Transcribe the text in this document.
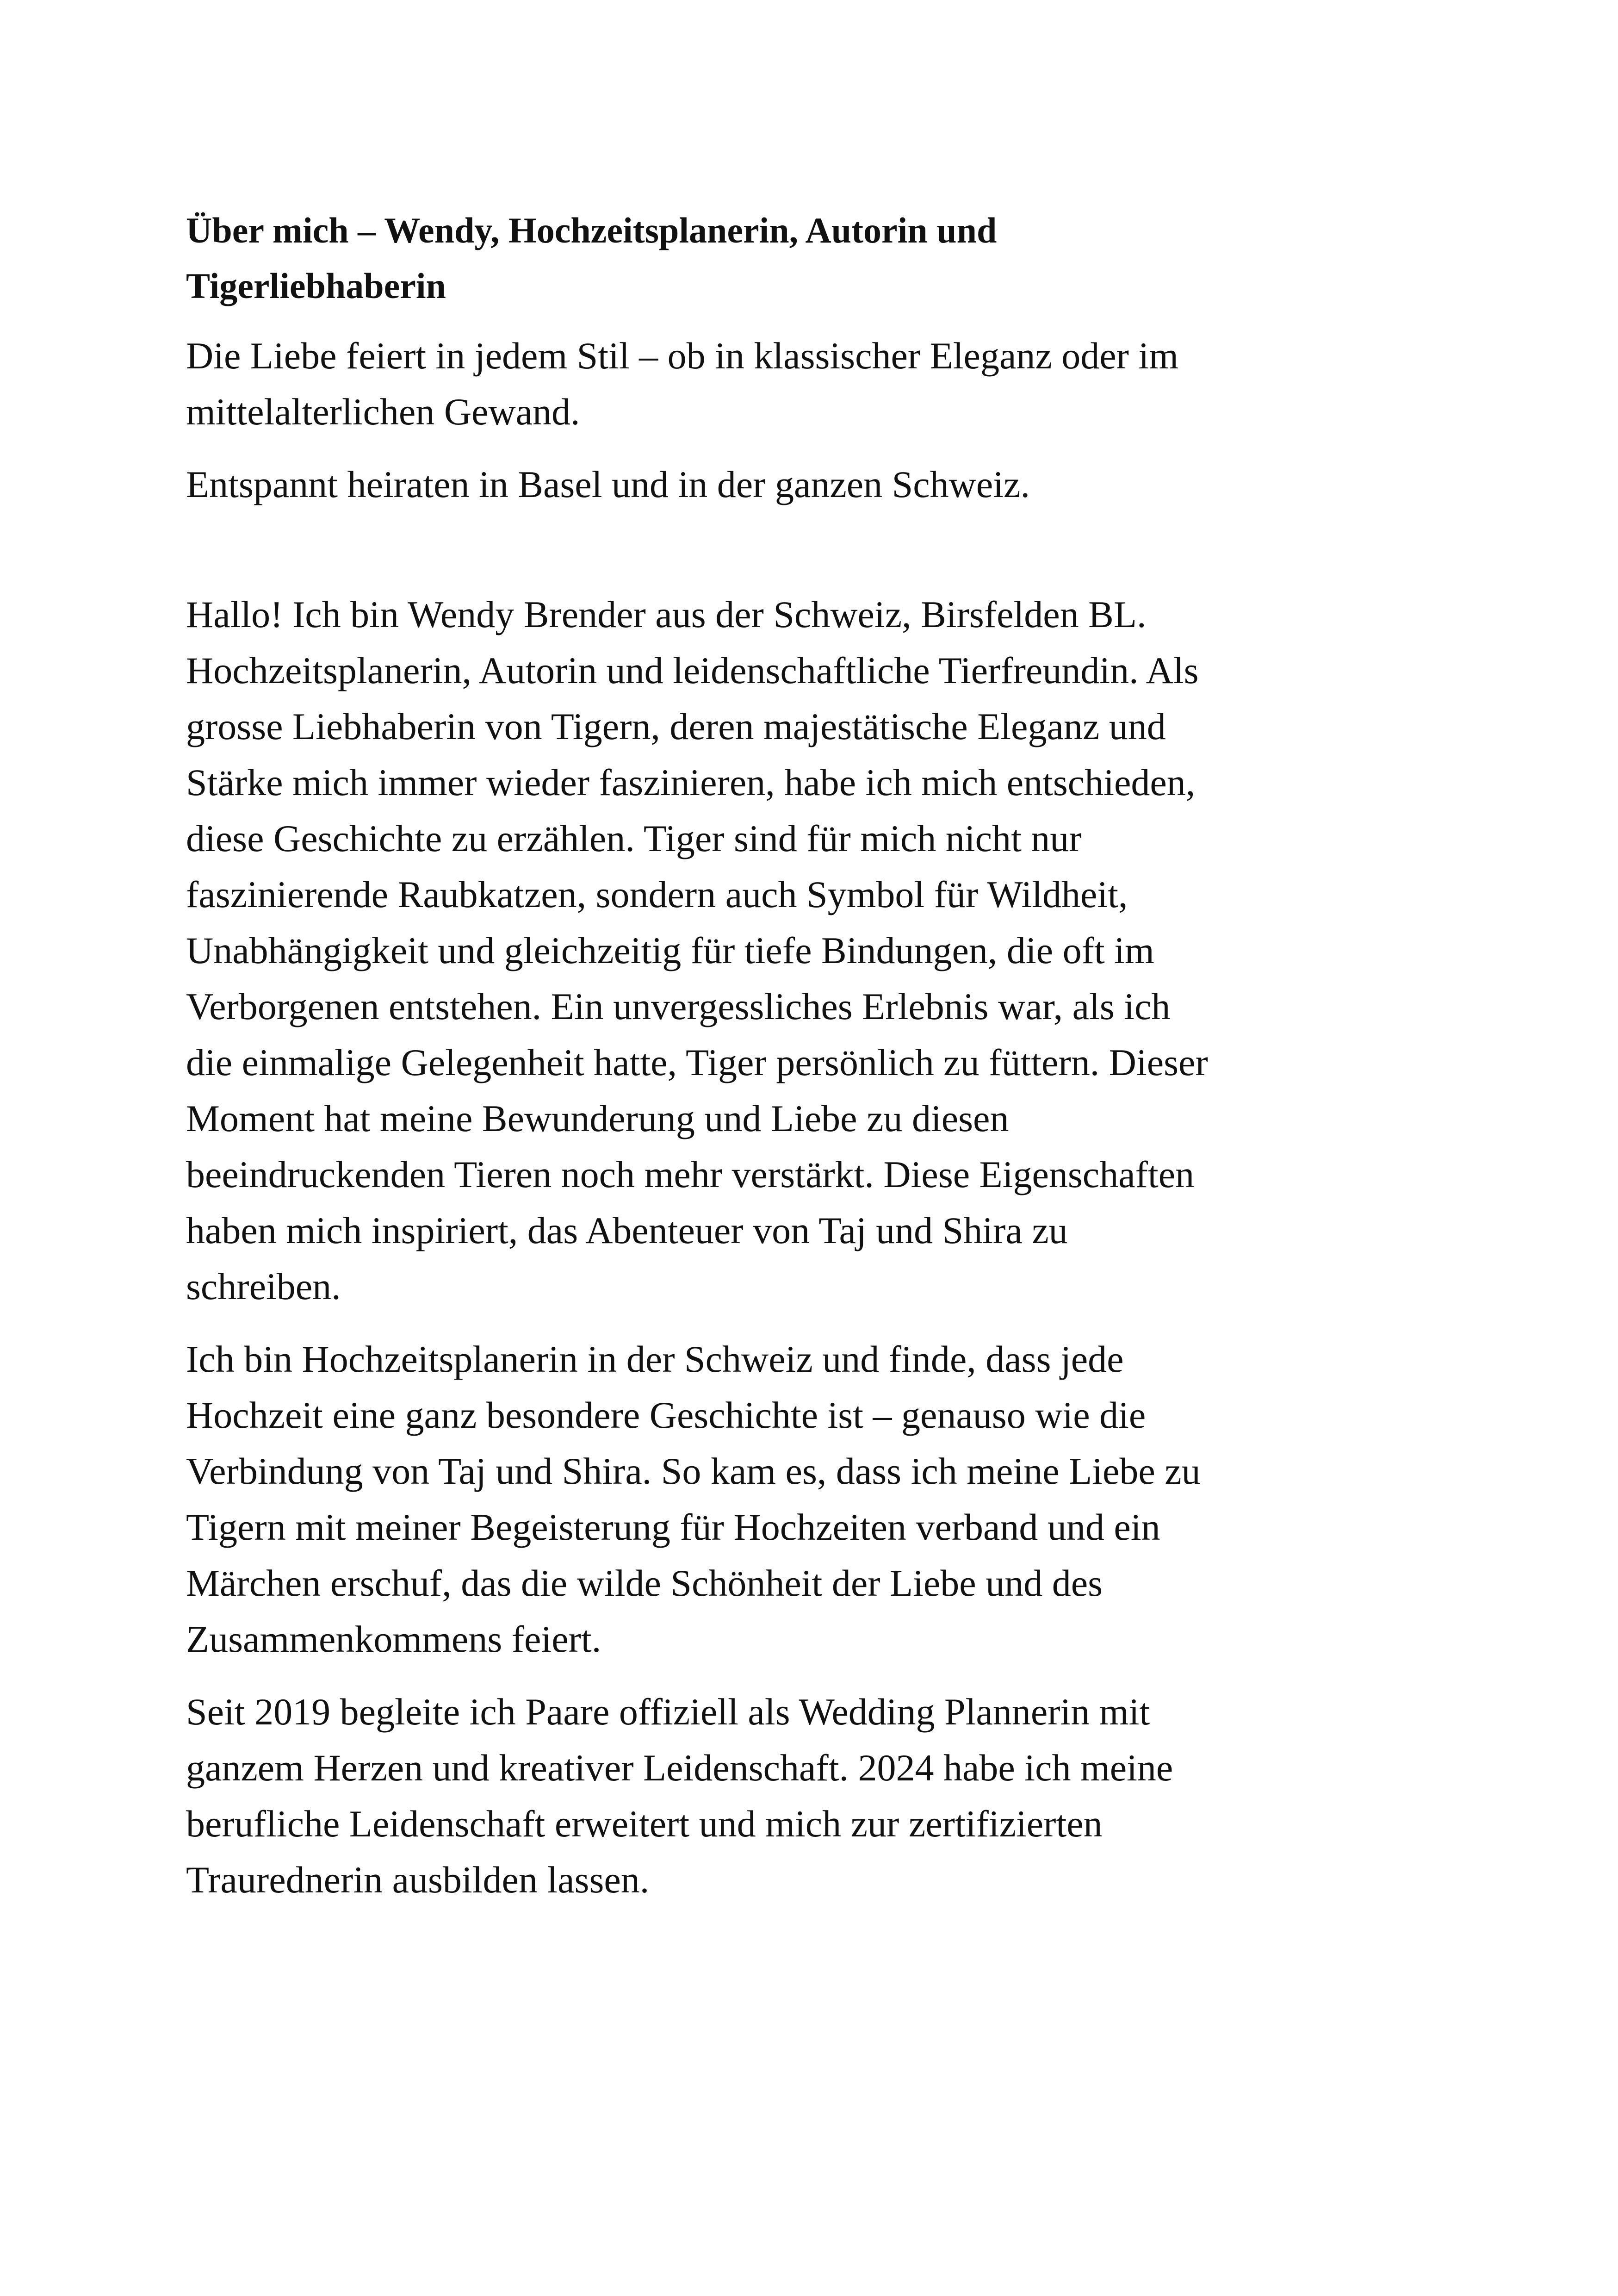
Über mich – Wendy, Hochzeitsplanerin, Autorin und
Tigerliebhaberin

Die Liebe feiert in jedem Stil – ob in klassischer Eleganz oder im
mittelalterlichen Gewand.

Entspannt heiraten in Basel und in der ganzen Schweiz.

Hallo! Ich bin Wendy Brender aus der Schweiz, Birsfelden BL.
Hochzeitsplanerin, Autorin und leidenschaftliche Tierfreundin. Als
grosse Liebhaberin von Tigern, deren majestätische Eleganz und
Stärke mich immer wieder faszinieren, habe ich mich entschieden,
diese Geschichte zu erzählen. Tiger sind für mich nicht nur
faszinierende Raubkatzen, sondern auch Symbol für Wildheit,
Unabhängigkeit und gleichzeitig für tiefe Bindungen, die oft im
Verborgenen entstehen. Ein unvergessliches Erlebnis war, als ich
die einmalige Gelegenheit hatte, Tiger persönlich zu füttern. Dieser
Moment hat meine Bewunderung und Liebe zu diesen
beeindruckenden Tieren noch mehr verstärkt. Diese Eigenschaften
haben mich inspiriert, das Abenteuer von Taj und Shira zu
schreiben.

Ich bin Hochzeitsplanerin in der Schweiz und finde, dass jede
Hochzeit eine ganz besondere Geschichte ist – genauso wie die
Verbindung von Taj und Shira. So kam es, dass ich meine Liebe zu
Tigern mit meiner Begeisterung für Hochzeiten verband und ein
Märchen erschuf, das die wilde Schönheit der Liebe und des
Zusammenkommens feiert.

Seit 2019 begleite ich Paare offiziell als Wedding Plannerin mit
ganzem Herzen und kreativer Leidenschaft. 2024 habe ich meine
berufliche Leidenschaft erweitert und mich zur zertifizierten
Traurednerin ausbilden lassen.
